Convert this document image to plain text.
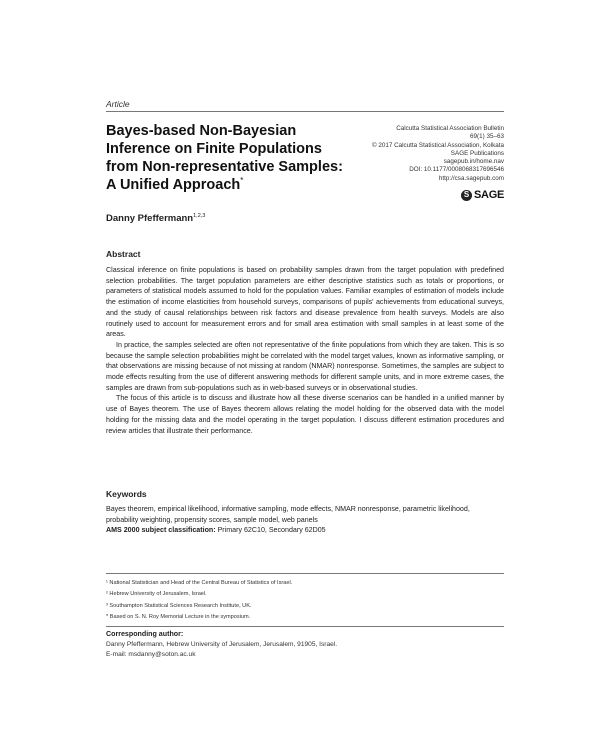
Article
Bayes-based Non-Bayesian Inference on Finite Populations from Non-representative Samples: A Unified Approach*
Calcutta Statistical Association Bulletin
69(1) 35–63
© 2017 Calcutta Statistical Association, Kolkata
SAGE Publications
sagepub.in/home.nav
DOI: 10.1177/0008068317696546
http://csa.sagepub.com
S SAGE
Danny Pfeffermann$^{1,2,3}$
Abstract

Classical inference on finite populations is based on probability samples drawn from the target population with predefined selection probabilities. The target population parameters are either descriptive statistics such as totals or proportions, or parameters of statistical models assumed to hold for the population values. Familiar examples of estimation of models include the estimation of income elasticities from household surveys, comparisons of pupils' achievements from educational surveys, and the study of causal relationships between risk factors and disease prevalence from health surveys. Models are also routinely used to account for measurement errors and for small area estimation with small samples in at least some of the areas.

In practice, the samples selected are often not representative of the finite populations from which they are taken. This is so because the sample selection probabilities might be correlated with the model target values, known as informative sampling, or that observations are missing because of not missing at random (NMAR) nonresponse. Sometimes, the samples are subject to mode effects resulting from the use of different answering methods for different sample units, and in more extreme cases, the samples are drawn from sub-populations such as in web-based surveys or in observational studies.

The focus of this article is to discuss and illustrate how all these diverse scenarios can be handled in a unified manner by use of Bayes theorem. The use of Bayes theorem allows relating the model holding for the observed data with the model holding for the missing data and the model operating in the target population. I discuss different estimation procedures and review articles that illustrate their performance.

Keywords
Bayes theorem, empirical likelihood, informative sampling, mode effects, NMAR nonresponse, parametric likelihood, probability weighting, propensity scores, sample model, web panels
AMS 2000 subject classification: Primary 62C10, Secondary 62D05
¹ National Statistician and Head of the Central Bureau of Statistics of Israel.
² Hebrew University of Jerusalem, Israel.
³ Southampton Statistical Sciences Research Institute, UK.
* Based on S. N. Roy Memorial Lecture in the symposium.
Corresponding author:
Danny Pfeffermann, Hebrew University of Jerusalem, Jerusalem, 91905, Israel.
E-mail: msdanny@soton.ac.uk
